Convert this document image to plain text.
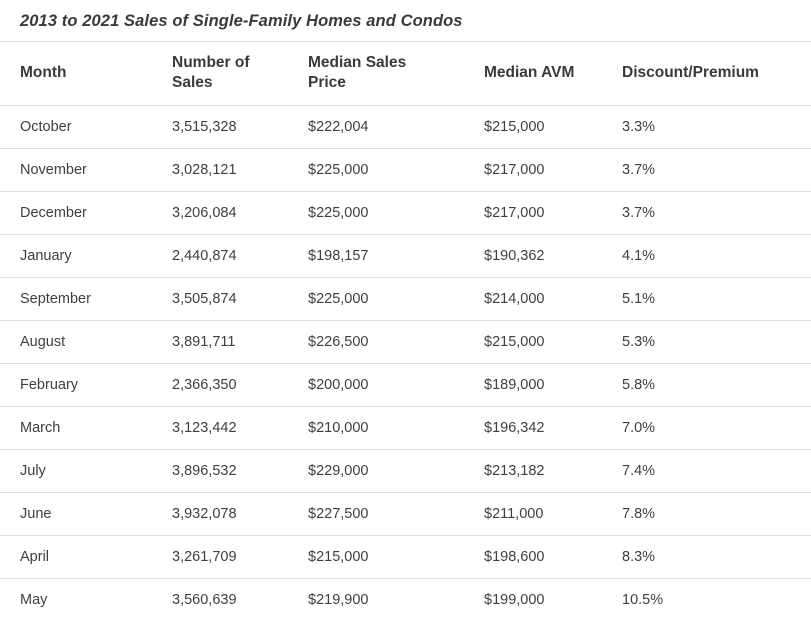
2013 to 2021 Sales of Single-Family Homes and Condos
Month	Number of Sales	Median Sales Price	Median AVM	Discount/Premium

October	3,515,328	$222,004	$215,000	3.3%
November	3,028,121	$225,000	$217,000	3.7%
December	3,206,084	$225,000	$217,000	3.7%
January	2,440,874	$198,157	$190,362	4.1%
September	3,505,874	$225,000	$214,000	5.1%
August	3,891,711	$226,500	$215,000	5.3%
February	2,366,350	$200,000	$189,000	5.8%
March	3,123,442	$210,000	$196,342	7.0%
July	3,896,532	$229,000	$213,182	7.4%
June	3,932,078	$227,500	$211,000	7.8%
April	3,261,709	$215,000	$198,600	8.3%
May	3,560,639	$219,900	$199,000	10.5%
